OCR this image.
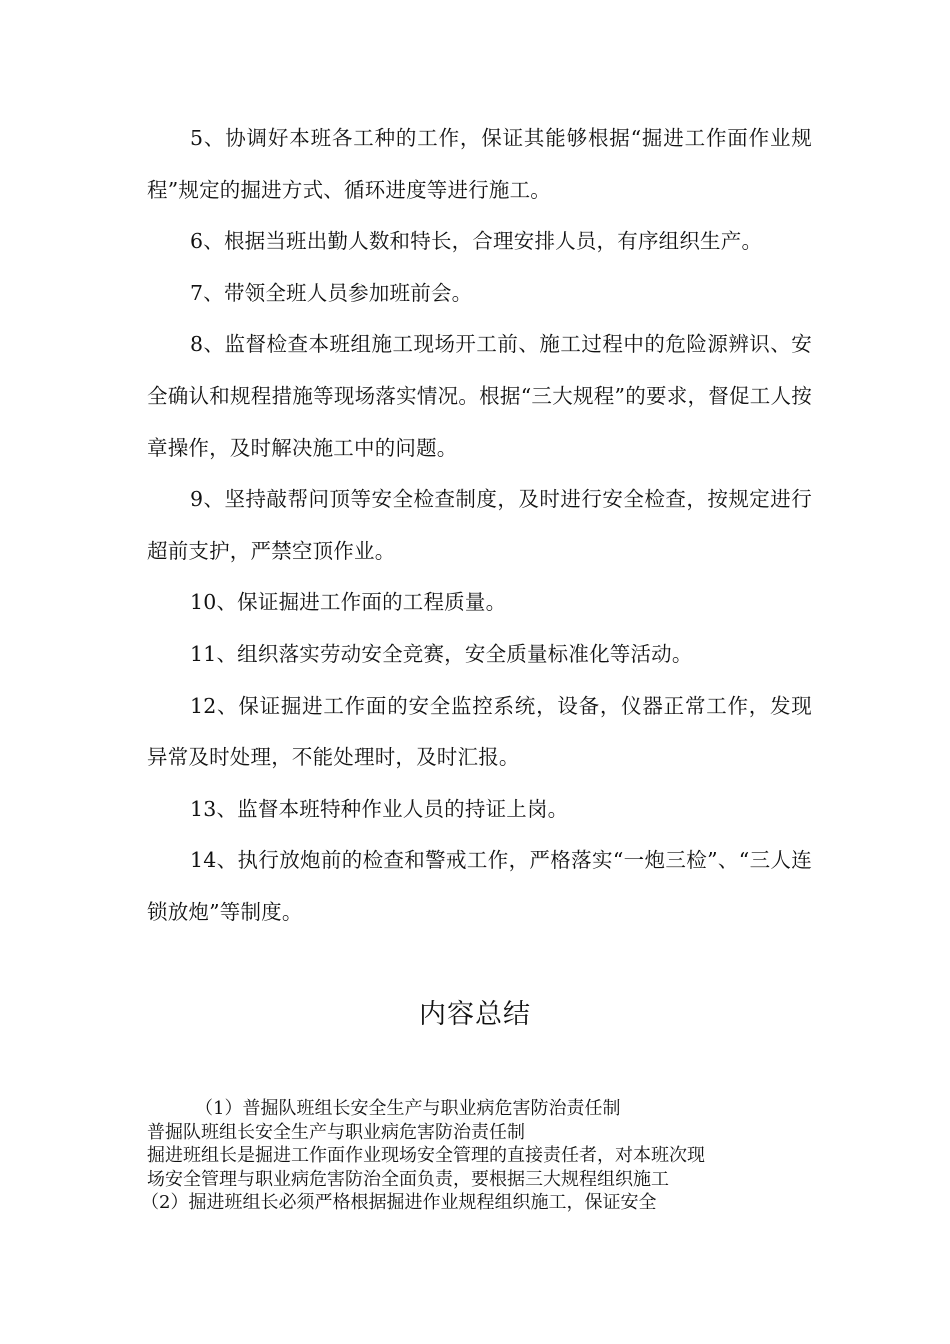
5、协调好本班各工种的工作，保证其能够根据“掘进工作面作业规程”规定的掘进方式、循环进度等进行施工。

6、根据当班出勤人数和特长，合理安排人员，有序组织生产。

7、带领全班人员参加班前会。

8、监督检查本班组施工现场开工前、施工过程中的危险源辨识、安全确认和规程措施等现场落实情况。根据“三大规程”的要求，督促工人按章操作，及时解决施工中的问题。

9、坚持敲帮问顶等安全检查制度，及时进行安全检查，按规定进行超前支护，严禁空顶作业。

10、保证掘进工作面的工程质量。

11、组织落实劳动安全竞赛，安全质量标准化等活动。

12、保证掘进工作面的安全监控系统，设备，仪器正常工作，发现异常及时处理，不能处理时，及时汇报。

13、监督本班特种作业人员的持证上岗。

14、执行放炮前的检查和警戒工作，严格落实“一炮三检”、“三人连锁放炮”等制度。

内容总结
（1）普掘队班组长安全生产与职业病危害防治责任制
普掘队班组长安全生产与职业病危害防治责任制
掘进班组长是掘进工作面作业现场安全管理的直接责任者，对本班次现
场安全管理与职业病危害防治全面负责，要根据三大规程组织施工
（2）掘进班组长必须严格根据掘进作业规程组织施工，保证安全
